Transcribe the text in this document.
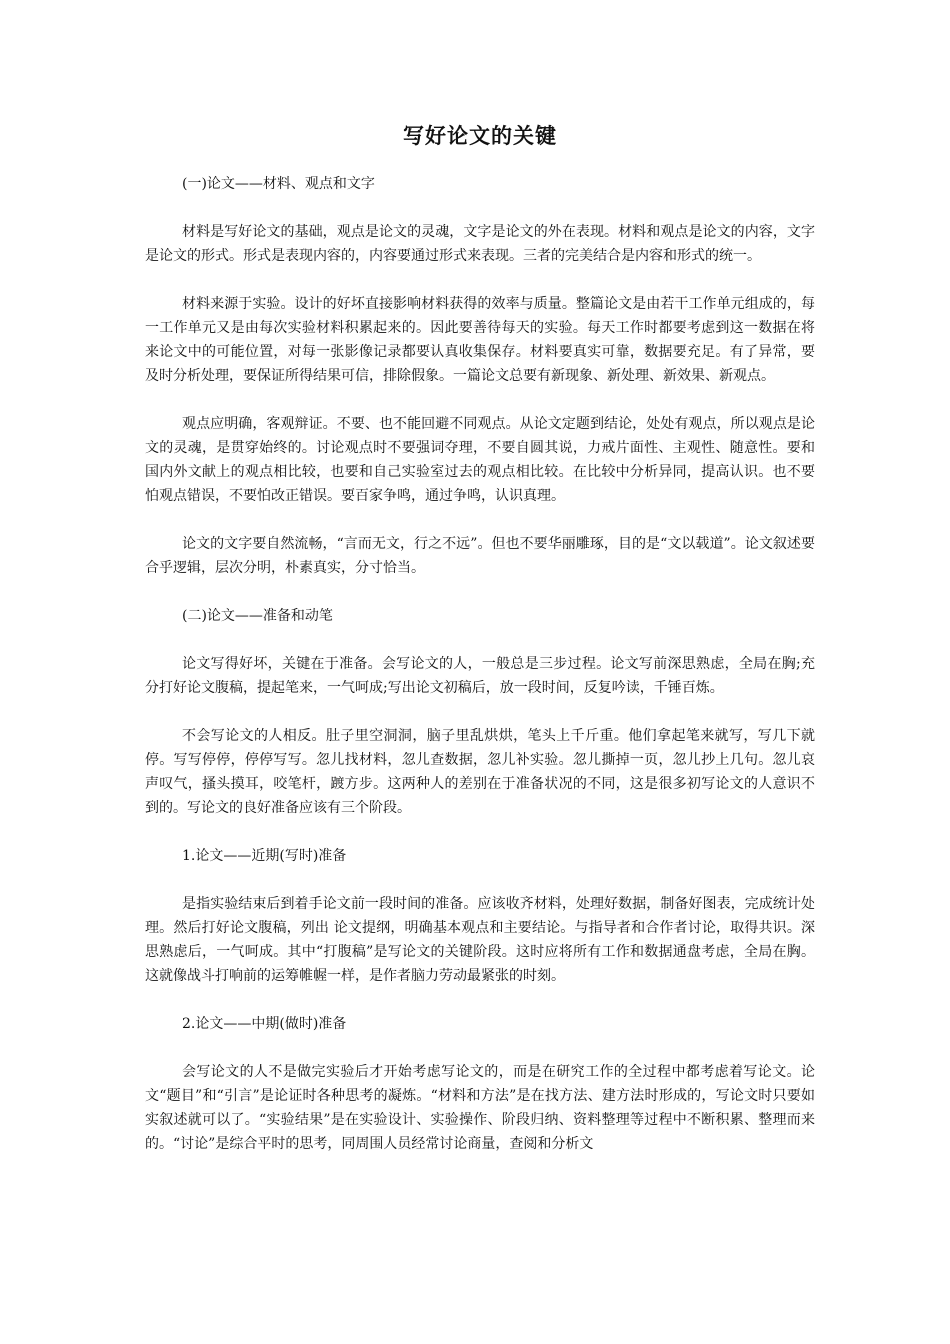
写好论文的关键

(一)论文——材料、观点和文字

材料是写好论文的基础，观点是论文的灵魂，文字是论文的外在表现。材料和观点是论文的内容，文字是论文的形式。形式是表现内容的，内容要通过形式来表现。三者的完美结合是内容和形式的统一。

材料来源于实验。设计的好坏直接影响材料获得的效率与质量。整篇论文是由若干工作单元组成的，每一工作单元又是由每次实验材料积累起来的。因此要善待每天的实验。每天工作时都要考虑到这一数据在将来论文中的可能位置，对每一张影像记录都要认真收集保存。材料要真实可靠，数据要充足。有了异常，要及时分析处理，要保证所得结果可信，排除假象。一篇论文总要有新现象、新处理、新效果、新观点。

观点应明确，客观辩证。不要、也不能回避不同观点。从论文定题到结论，处处有观点，所以观点是论文的灵魂，是贯穿始终的。讨论观点时不要强词夺理，不要自圆其说，力戒片面性、主观性、随意性。要和国内外文献上的观点相比较，也要和自己实验室过去的观点相比较。在比较中分析异同，提高认识。也不要怕观点错误，不要怕改正错误。要百家争鸣，通过争鸣，认识真理。

论文的文字要自然流畅，“言而无文，行之不远”。但也不要华丽雕琢，目的是“文以载道”。论文叙述要合乎逻辑，层次分明，朴素真实，分寸恰当。

(二)论文——准备和动笔

论文写得好坏，关键在于准备。会写论文的人，一般总是三步过程。论文写前深思熟虑，全局在胸;充分打好论文腹稿，提起笔来，一气呵成;写出论文初稿后，放一段时间，反复吟读，千锤百炼。

不会写论文的人相反。肚子里空洞洞，脑子里乱烘烘，笔头上千斤重。他们拿起笔来就写，写几下就停。写写停停，停停写写。忽儿找材料，忽儿查数据，忽儿补实验。忽儿撕掉一页，忽儿抄上几句。忽儿哀声叹气，搔头摸耳，咬笔杆，踱方步。这两种人的差别在于准备状况的不同，这是很多初写论文的人意识不到的。写论文的良好准备应该有三个阶段。

1.论文——近期(写时)准备

是指实验结束后到着手论文前一段时间的准备。应该收齐材料，处理好数据，制备好图表，完成统计处理。然后打好论文腹稿，列出 论文提纲，明确基本观点和主要结论。与指导者和合作者讨论，取得共识。深思熟虑后，一气呵成。其中“打腹稿”是写论文的关键阶段。这时应将所有工作和数据通盘考虑，全局在胸。这就像战斗打响前的运筹帷幄一样，是作者脑力劳动最紧张的时刻。

2.论文——中期(做时)准备

会写论文的人不是做完实验后才开始考虑写论文的，而是在研究工作的全过程中都考虑着写论文。论文“题目”和“引言”是论证时各种思考的凝炼。“材料和方法”是在找方法、建方法时形成的，写论文时只要如实叙述就可以了。“实验结果”是在实验设计、实验操作、阶段归纳、资料整理等过程中不断积累、整理而来的。“讨论”是综合平时的思考，同周围人员经常讨论商量，查阅和分析文
